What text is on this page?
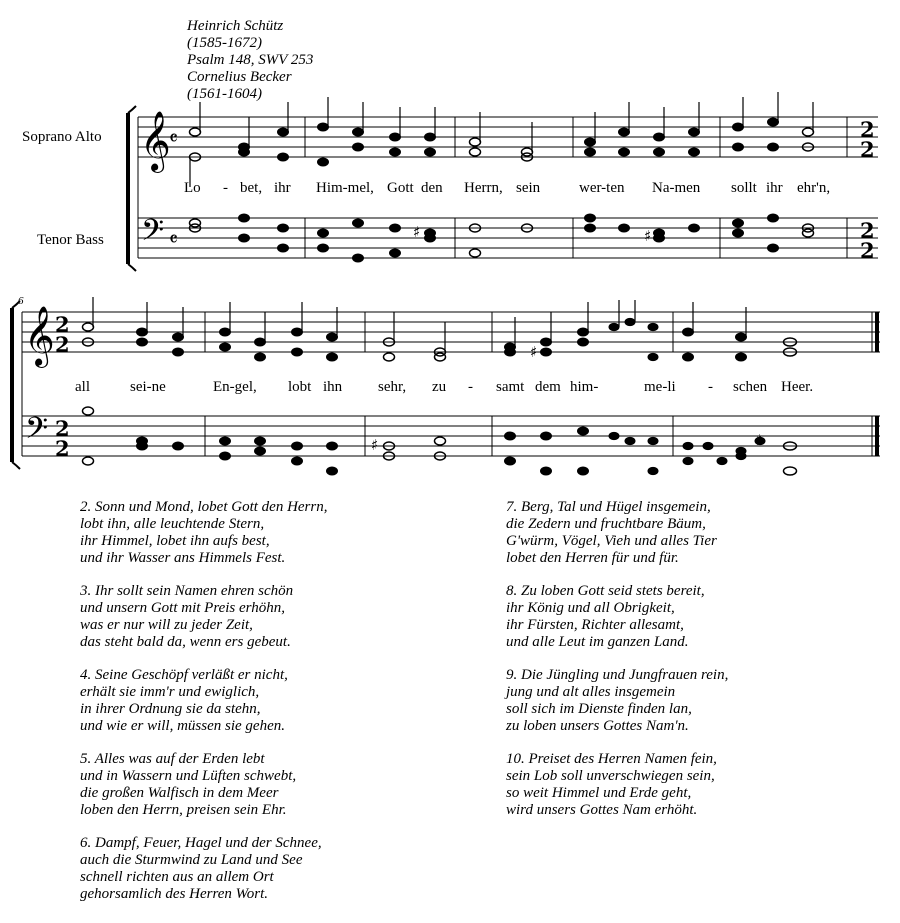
Heinrich Schütz
(1585-1672)
Psalm 148, SWV 253
Cornelius Becker
(1561-1604)
Soprano Alto
Tenor Bass
6
𝄞
𝄢
𝄞
𝄢
𝄴
𝄴
2
2
2
2
2
2
2
2
♯	♯
♯
♯	♯
Lo - bet, ihr Him-mel, Gott den Herrn, sein	wer-ten Na-men sollt ihr ehr'n,
all	sei-ne	En-gel, lobt ihn sehr, zu - samt dem him-	me-li - schen Heer.
2. Sonn und Mond, lobet Gott den Herrn,
lobt ihn, alle leuchtende Stern,
ihr Himmel, lobet ihn aufs best,
und ihr Wasser ans Himmels Fest.
3. Ihr sollt sein Namen ehren schön
und unsern Gott mit Preis erhöhn,
was er nur will zu jeder Zeit,
das steht bald da, wenn ers gebeut.
4. Seine Geschöpf verläßt er nicht,
erhält sie imm'r und ewiglich,
in ihrer Ordnung sie da stehn,
und wie er will, müssen sie gehen.
5. Alles was auf der Erden lebt
und in Wassern und Lüften schwebt,
die großen Walfisch in dem Meer
loben den Herrn, preisen sein Ehr.
6. Dampf, Feuer, Hagel und der Schnee,
auch die Sturmwind zu Land und See
schnell richten aus an allem Ort
gehorsamlich des Herren Wort.
7. Berg, Tal und Hügel insgemein,
die Zedern und fruchtbare Bäum,
G'würm, Vögel, Vieh und alles Tier
lobet den Herren für und für.
8. Zu loben Gott seid stets bereit,
ihr König und all Obrigkeit,
ihr Fürsten, Richter allesamt,
und alle Leut im ganzen Land.
9. Die Jüngling und Jungfrauen rein,
jung und alt alles insgemein
soll sich im Dienste finden lan,
zu loben unsers Gottes Nam'n.
10. Preiset des Herren Namen fein,
sein Lob soll unverschwiegen sein,
so weit Himmel und Erde geht,
wird unsers Gottes Nam erhöht.
